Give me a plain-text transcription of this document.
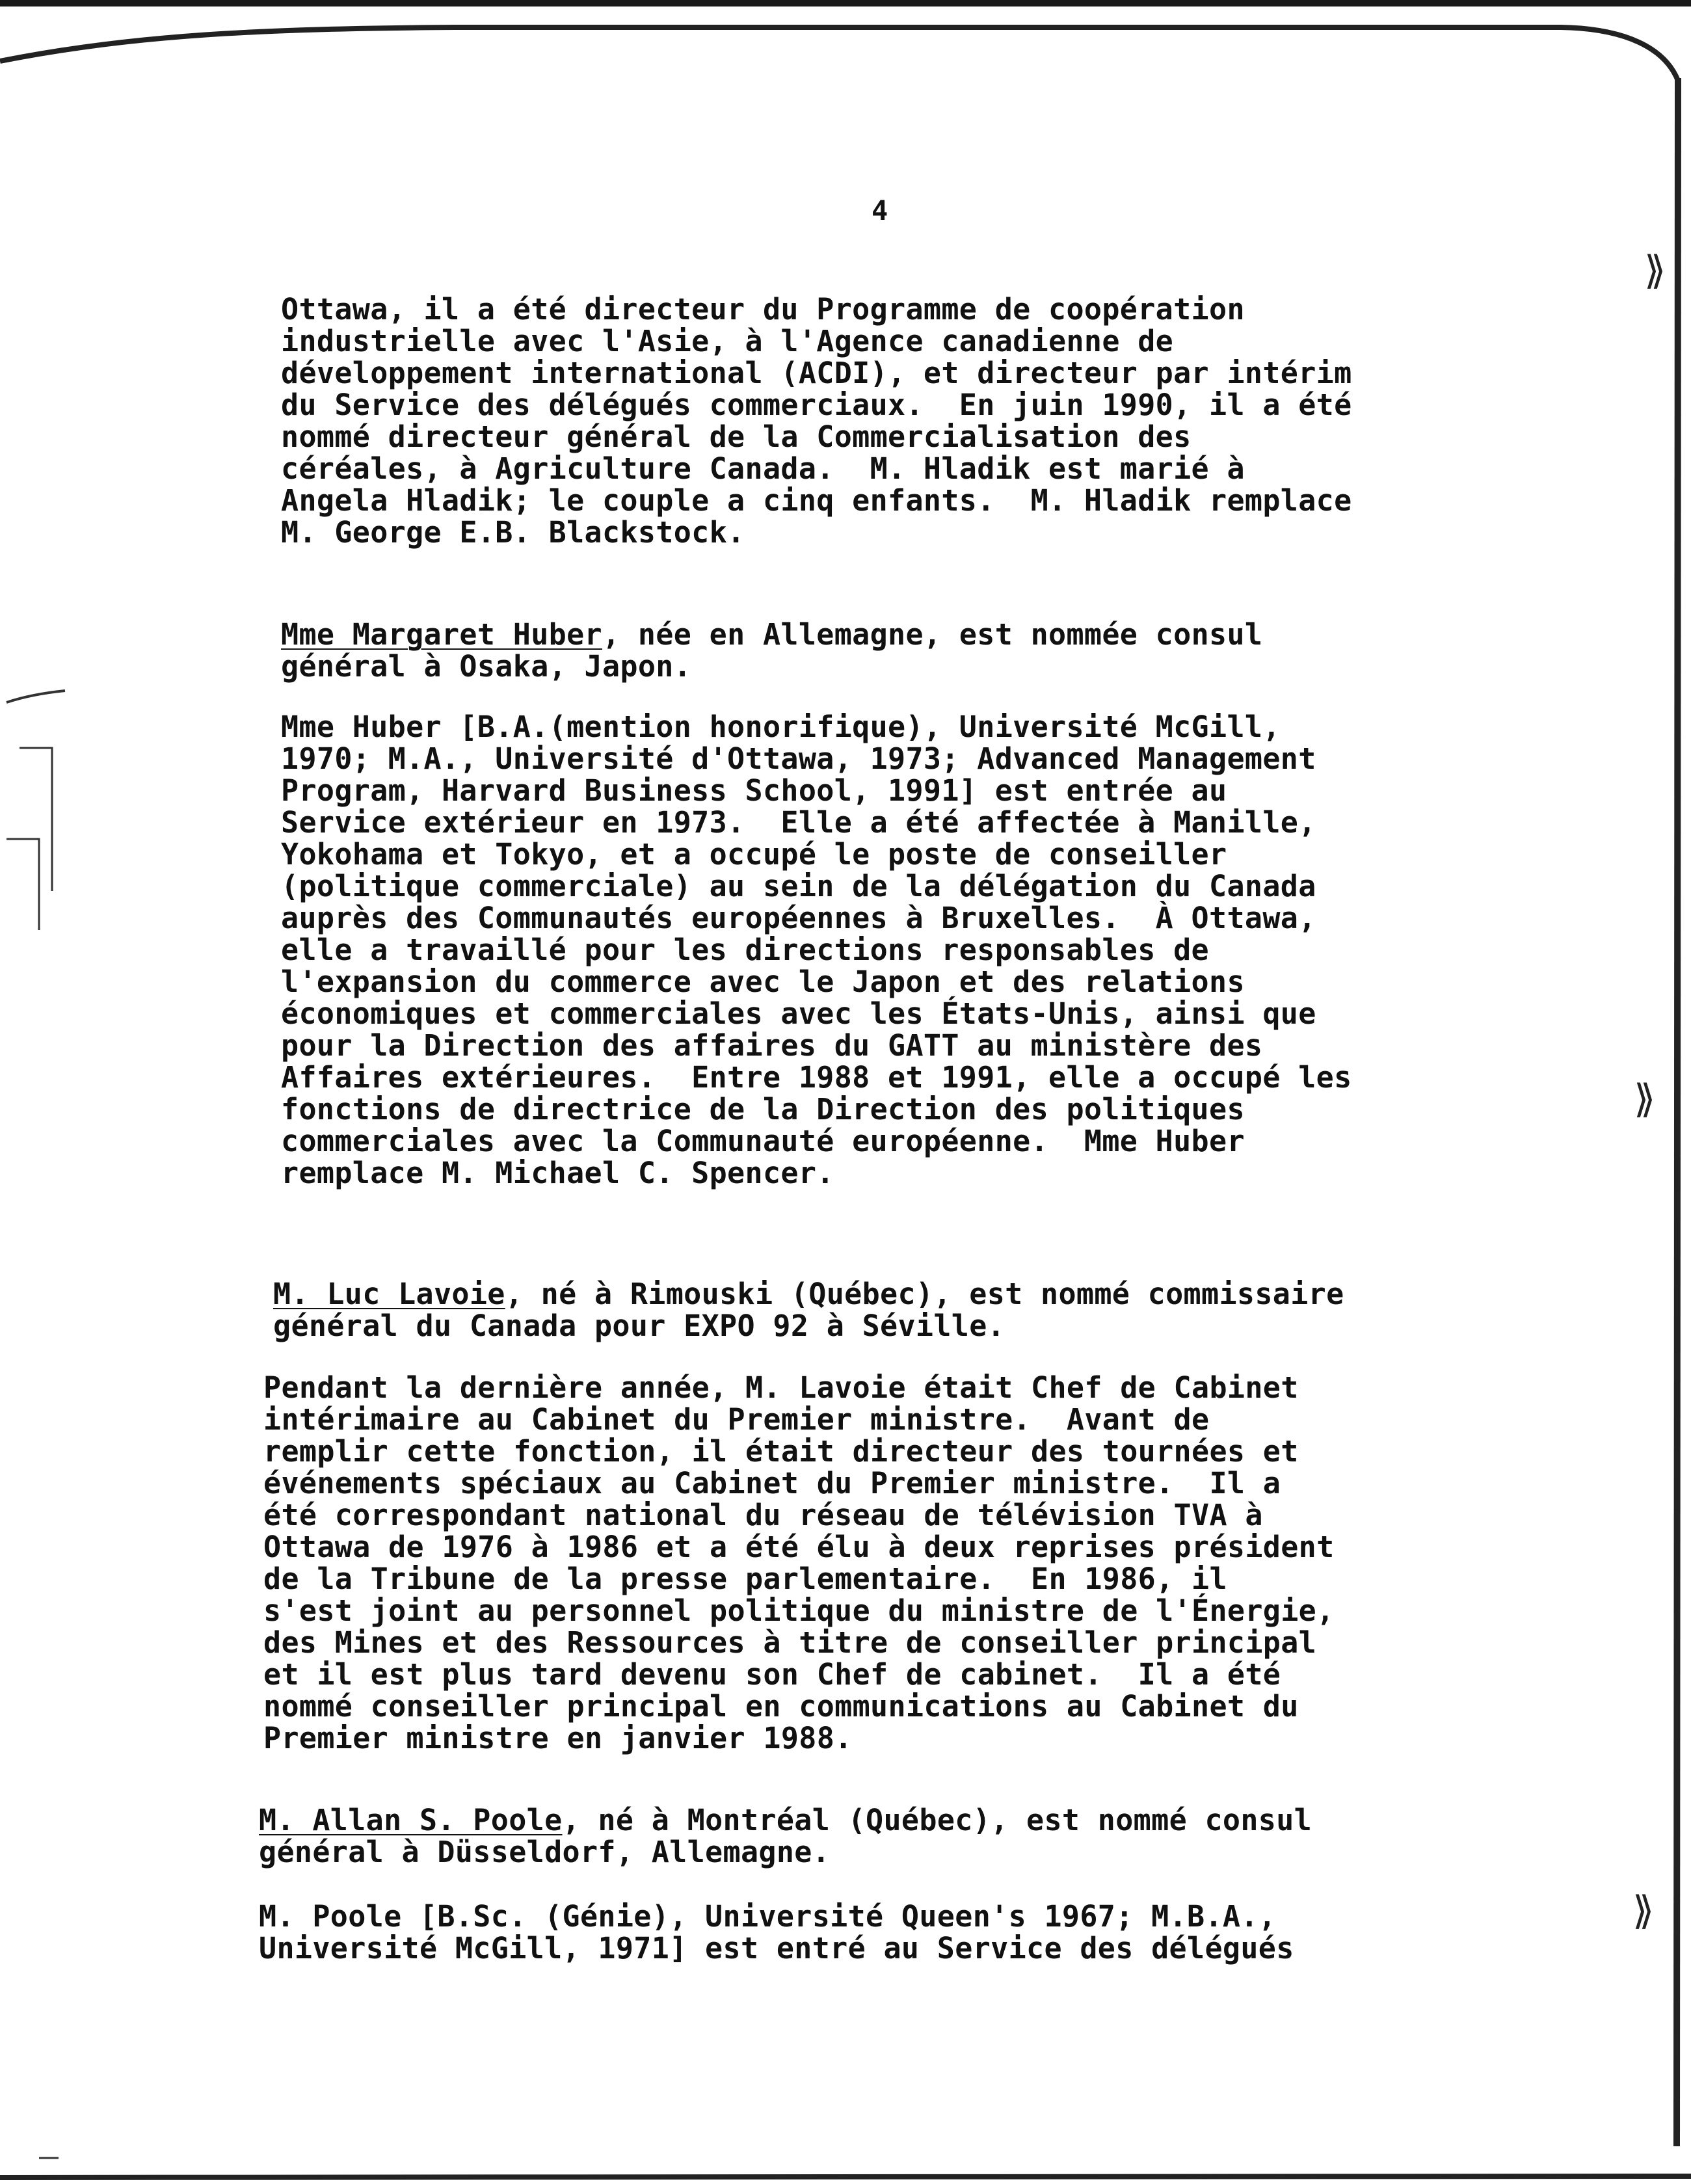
⟫
⟫
⟫
4

Ottawa, il a été directeur du Programme de coopération
industrielle avec l'Asie, à l'Agence canadienne de
développement international (ACDI), et directeur par intérim
du Service des délégués commerciaux.  En juin 1990, il a été
nommé directeur général de la Commercialisation des
céréales, à Agriculture Canada.  M. Hladik est marié à
Angela Hladik; le couple a cinq enfants.  M. Hladik remplace
M. George E.B. Blackstock.

Mme Margaret Huber, née en Allemagne, est nommée consul
général à Osaka, Japon.

Mme Huber [B.A.(mention honorifique), Université McGill,
1970; M.A., Université d'Ottawa, 1973; Advanced Management
Program, Harvard Business School, 1991] est entrée au
Service extérieur en 1973.  Elle a été affectée à Manille,
Yokohama et Tokyo, et a occupé le poste de conseiller
(politique commerciale) au sein de la délégation du Canada
auprès des Communautés européennes à Bruxelles.  À Ottawa,
elle a travaillé pour les directions responsables de
l'expansion du commerce avec le Japon et des relations
économiques et commerciales avec les États-Unis, ainsi que
pour la Direction des affaires du GATT au ministère des
Affaires extérieures.  Entre 1988 et 1991, elle a occupé les
fonctions de directrice de la Direction des politiques
commerciales avec la Communauté européenne.  Mme Huber
remplace M. Michael C. Spencer.

M. Luc Lavoie, né à Rimouski (Québec), est nommé commissaire
général du Canada pour EXPO 92 à Séville.

Pendant la dernière année, M. Lavoie était Chef de Cabinet
intérimaire au Cabinet du Premier ministre.  Avant de
remplir cette fonction, il était directeur des tournées et
événements spéciaux au Cabinet du Premier ministre.  Il a
été correspondant national du réseau de télévision TVA à
Ottawa de 1976 à 1986 et a été élu à deux reprises président
de la Tribune de la presse parlementaire.  En 1986, il
s'est joint au personnel politique du ministre de l'Énergie,
des Mines et des Ressources à titre de conseiller principal
et il est plus tard devenu son Chef de cabinet.  Il a été
nommé conseiller principal en communications au Cabinet du
Premier ministre en janvier 1988.

M. Allan S. Poole, né à Montréal (Québec), est nommé consul
général à Düsseldorf, Allemagne.

M. Poole [B.Sc. (Génie), Université Queen's 1967; M.B.A.,
Université McGill, 1971] est entré au Service des délégués
